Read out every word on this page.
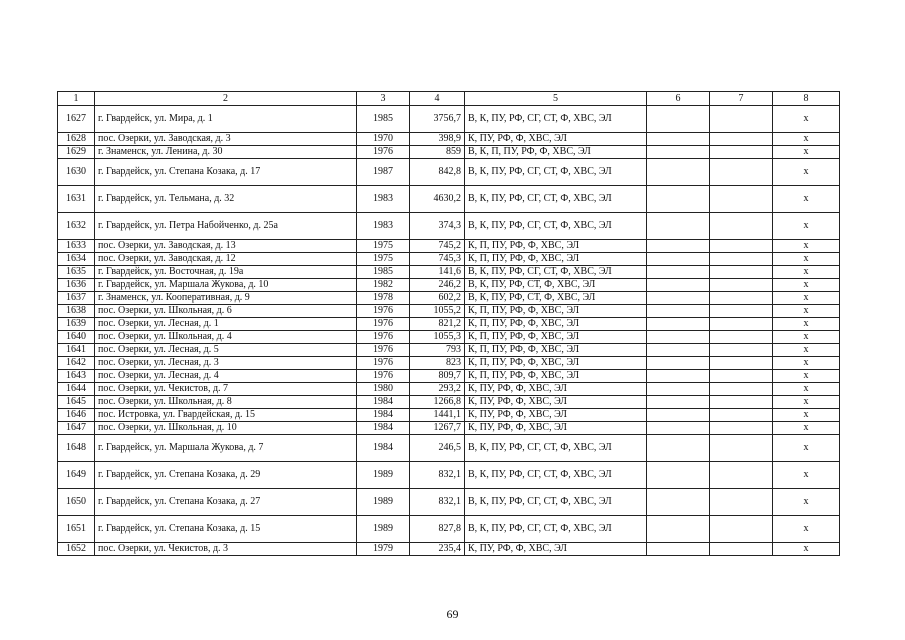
1	2	3	4	5	6	7	8
1627	г. Гвардейск, ул. Мира, д. 1	1985	3756,7	В, К, ПУ, РФ, СГ, СТ, Ф, ХВС, ЭЛ			x
1628	пос. Озерки, ул. Заводская, д. 3	1970	398,9	К, ПУ, РФ, Ф, ХВС, ЭЛ			x
1629	г. Знаменск, ул. Ленина, д. 30	1976	859	В, К, П, ПУ, РФ, Ф, ХВС, ЭЛ			x
1630	г. Гвардейск, ул. Степана Козака, д. 17	1987	842,8	В, К, ПУ, РФ, СГ, СТ, Ф, ХВС, ЭЛ			x
1631	г. Гвардейск, ул. Тельмана, д. 32	1983	4630,2	В, К, ПУ, РФ, СГ, СТ, Ф, ХВС, ЭЛ			x
1632	г. Гвардейск, ул. Петра Набойченко, д. 25а	1983	374,3	В, К, ПУ, РФ, СГ, СТ, Ф, ХВС, ЭЛ			x
1633	пос. Озерки, ул. Заводская, д. 13	1975	745,2	К, П, ПУ, РФ, Ф, ХВС, ЭЛ			x
1634	пос. Озерки, ул. Заводская, д. 12	1975	745,3	К, П, ПУ, РФ, Ф, ХВС, ЭЛ			x
1635	г. Гвардейск, ул. Восточная, д. 19а	1985	141,6	В, К, ПУ, РФ, СГ, СТ, Ф, ХВС, ЭЛ			x
1636	г. Гвардейск, ул. Маршала Жукова, д. 10	1982	246,2	В, К, ПУ, РФ, СТ, Ф, ХВС, ЭЛ			x
1637	г. Знаменск, ул. Кооперативная, д. 9	1978	602,2	В, К, ПУ, РФ, СТ, Ф, ХВС, ЭЛ			x
1638	пос. Озерки, ул. Школьная, д. 6	1976	1055,2	К, П, ПУ, РФ, Ф, ХВС, ЭЛ			x
1639	пос. Озерки, ул. Лесная, д. 1	1976	821,2	К, П, ПУ, РФ, Ф, ХВС, ЭЛ			x
1640	пос. Озерки, ул. Школьная, д. 4	1976	1055,3	К, П, ПУ, РФ, Ф, ХВС, ЭЛ			x
1641	пос. Озерки, ул. Лесная, д. 5	1976	793	К, П, ПУ, РФ, Ф, ХВС, ЭЛ			x
1642	пос. Озерки, ул. Лесная, д. 3	1976	823	К, П, ПУ, РФ, Ф, ХВС, ЭЛ			x
1643	пос. Озерки, ул. Лесная, д. 4	1976	809,7	К, П, ПУ, РФ, Ф, ХВС, ЭЛ			x
1644	пос. Озерки, ул. Чекистов, д. 7	1980	293,2	К, ПУ, РФ, Ф, ХВС, ЭЛ			x
1645	пос. Озерки, ул. Школьная, д. 8	1984	1266,8	К, ПУ, РФ, Ф, ХВС, ЭЛ			x
1646	пос. Истровка, ул. Гвардейская, д. 15	1984	1441,1	К, ПУ, РФ, Ф, ХВС, ЭЛ			x
1647	пос. Озерки, ул. Школьная, д. 10	1984	1267,7	К, ПУ, РФ, Ф, ХВС, ЭЛ			x
1648	г. Гвардейск, ул. Маршала Жукова, д. 7	1984	246,5	В, К, ПУ, РФ, СГ, СТ, Ф, ХВС, ЭЛ			x
1649	г. Гвардейск, ул. Степана Козака, д. 29	1989	832,1	В, К, ПУ, РФ, СГ, СТ, Ф, ХВС, ЭЛ			x
1650	г. Гвардейск, ул. Степана Козака, д. 27	1989	832,1	В, К, ПУ, РФ, СГ, СТ, Ф, ХВС, ЭЛ			x
1651	г. Гвардейск, ул. Степана Козака, д. 15	1989	827,8	В, К, ПУ, РФ, СГ, СТ, Ф, ХВС, ЭЛ			x
1652	пос. Озерки, ул. Чекистов, д. 3	1979	235,4	К, ПУ, РФ, Ф, ХВС, ЭЛ			x
69
